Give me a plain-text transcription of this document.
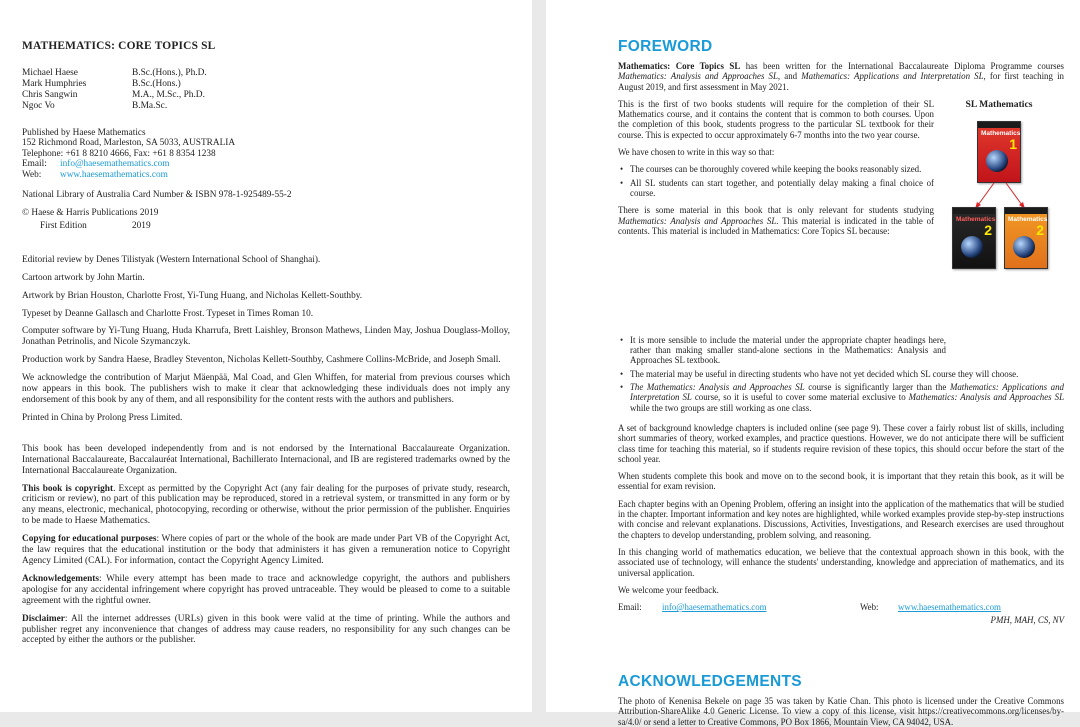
MATHEMATICS: CORE TOPICS SL
Michael Haese	B.Sc.(Hons.), Ph.D.
Mark Humphries	B.Sc.(Hons.)
Chris Sangwin	M.A., M.Sc., Ph.D.
Ngoc Vo	B.Ma.Sc.
Published by Haese Mathematics
152 Richmond Road, Marleston, SA 5033, AUSTRALIA
Telephone: +61 8 8210 4666, Fax: +61 8 8354 1238
Email: info@haesemathematics.com
Web: www.haesemathematics.com

National Library of Australia Card Number & ISBN 978-1-925489-55-2

© Haese & Harris Publications 2019

First Edition	2019

Editorial review by Denes Tilistyak (Western International School of Shanghai).

Cartoon artwork by John Martin.

Artwork by Brian Houston, Charlotte Frost, Yi-Tung Huang, and Nicholas Kellett-Southby.

Typeset by Deanne Gallasch and Charlotte Frost. Typeset in Times Roman 10.

Computer software by Yi-Tung Huang, Huda Kharrufa, Brett Laishley, Bronson Mathews, Linden May, Joshua Douglass-Molloy, Jonathan Petrinolis, and Nicole Szymanczyk.

Production work by Sandra Haese, Bradley Steventon, Nicholas Kellett-Southby, Cashmere Collins-McBride, and Joseph Small.

We acknowledge the contribution of Marjut Mäenpää, Mal Coad, and Glen Whiffen, for material from previous courses which now appears in this book. The publishers wish to make it clear that acknowledging these individuals does not imply any endorsement of this book by any of them, and all responsibility for the content rests with the authors and publishers.

Printed in China by Prolong Press Limited.

This book has been developed independently from and is not endorsed by the International Baccalaureate Organization. International Baccalaureate, Baccalauréat International, Bachillerato Internacional, and IB are registered trademarks owned by the International Baccalaureate Organization.

This book is copyright. Except as permitted by the Copyright Act (any fair dealing for the purposes of private study, research, criticism or review), no part of this publication may be reproduced, stored in a retrieval system, or transmitted in any form or by any means, electronic, mechanical, photocopying, recording or otherwise, without the prior permission of the publisher. Enquiries to be made to Haese Mathematics.

Copying for educational purposes: Where copies of part or the whole of the book are made under Part VB of the Copyright Act, the law requires that the educational institution or the body that administers it has given a remuneration notice to Copyright Agency Limited (CAL). For information, contact the Copyright Agency Limited.

Acknowledgements: While every attempt has been made to trace and acknowledge copyright, the authors and publishers apologise for any accidental infringement where copyright has proved untraceable. They would be pleased to come to a suitable agreement with the rightful owner.

Disclaimer: All the internet addresses (URLs) given in this book were valid at the time of printing. While the authors and publisher regret any inconvenience that changes of address may cause readers, no responsibility for any such changes can be accepted by either the authors or the publisher.

FOREWORD

Mathematics: Core Topics SL has been written for the International Baccalaureate Diploma Programme courses Mathematics: Analysis and Approaches SL, and Mathematics: Applications and Interpretation SL, for first teaching in August 2019, and first assessment in May 2021.

This is the first of two books students will require for the completion of their SL Mathematics course, and it contains the content that is common to both courses. Upon the completion of this book, students progress to the particular SL textbook for their course. This is expected to occur approximately 6-7 months into the two year course.

We have chosen to write in this way so that:

• The courses can be thoroughly covered while keeping the books reasonably sized.
• All SL students can start together, and potentially delay making a final choice of course.

There is some material in this book that is only relevant for students studying Mathematics: Analysis and Approaches SL. This material is indicated in the table of contents. This material is included in Mathematics: Core Topics SL because:

SL Mathematics
Mathematics
1
Mathematics
2
Mathematics
2
• It is more sensible to include the material under the appropriate chapter headings here, rather than making smaller stand-alone sections in the Mathematics: Analysis and Approaches SL textbook.
• The material may be useful in directing students who have not yet decided which SL course they will choose.
• The Mathematics: Analysis and Approaches SL course is significantly larger than the Mathematics: Applications and Interpretation SL course, so it is useful to cover some material exclusive to Mathematics: Analysis and Approaches SL while the two groups are still working as one class.

A set of background knowledge chapters is included online (see page 9). These cover a fairly robust list of skills, including short summaries of theory, worked examples, and practice questions. However, we do not anticipate there will be sufficient class time for teaching this material, so if students require revision of these topics, this should occur before the start of the school year.

When students complete this book and move on to the second book, it is important that they retain this book, as it will be essential for exam revision.

Each chapter begins with an Opening Problem, offering an insight into the application of the mathematics that will be studied in the chapter. Important information and key notes are highlighted, while worked examples provide step-by-step instructions with concise and relevant explanations. Discussions, Activities, Investigations, and Research exercises are used throughout the chapters to develop understanding, problem solving, and reasoning.

In this changing world of mathematics education, we believe that the contextual approach shown in this book, with the associated use of technology, will enhance the students' understanding, knowledge and appreciation of mathematics, and its universal application.

We welcome your feedback.

Email:	info@haesemathematics.com	Web:	www.haesemathematics.com
PMH, MAH, CS, NV
ACKNOWLEDGEMENTS

The photo of Kenenisa Bekele on page 35 was taken by Katie Chan. This photo is licensed under the Creative Commons Attribution-ShareAlike 4.0 Generic License. To view a copy of this license, visit https://creativecommons.org/licenses/by-sa/4.0/ or send a letter to Creative Commons, PO Box 1866, Mountain View, CA 94042, USA.
